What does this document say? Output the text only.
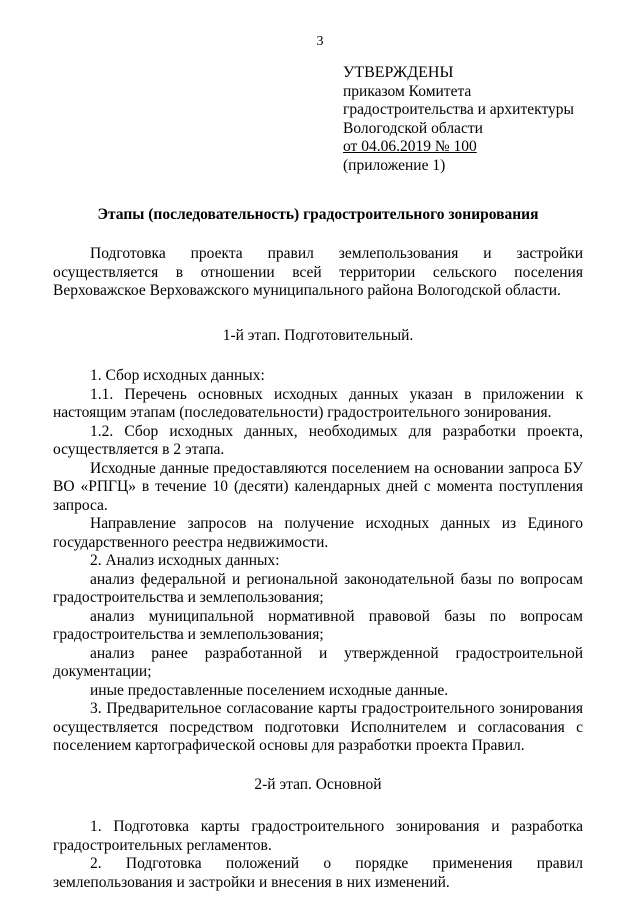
3
УТВЕРЖДЕНЫ
приказом Комитета
градостроительства и архитектуры
Вологодской области
от 04.06.2019 № 100
(приложение 1)
Этапы (последовательность) градостроительного зонирования

Подготовка проекта правил землепользования и застройки осуществляется в отношении всей территории сельского поселения Верховажское Верховажского муниципального района Вологодской области.

1-й этап. Подготовительный.

1. Сбор исходных данных:

1.1. Перечень основных исходных данных указан в приложении к настоящим этапам (последовательности) градостроительного зонирования.

1.2. Сбор исходных данных, необходимых для разработки проекта, осуществляется в 2 этапа.

Исходные данные предоставляются поселением на основании запроса БУ ВО «РПГЦ» в течение 10 (десяти) календарных дней с момента поступления запроса.

Направление запросов на получение исходных данных из Единого государственного реестра недвижимости.

2. Анализ исходных данных:

анализ федеральной и региональной законодательной базы по вопросам градостроительства и землепользования;

анализ муниципальной нормативной правовой базы по вопросам градостроительства и землепользования;

анализ ранее разработанной и утвержденной градостроительной документации;

иные предоставленные поселением исходные данные.

3. Предварительное согласование карты градостроительного зонирования осуществляется посредством подготовки Исполнителем и согласования с поселением картографической основы для разработки проекта Правил.

2-й этап. Основной

1. Подготовка карты градостроительного зонирования и разработка градостроительных регламентов.

2. Подготовка положений о порядке применения правил землепользования и застройки и внесения в них изменений.
